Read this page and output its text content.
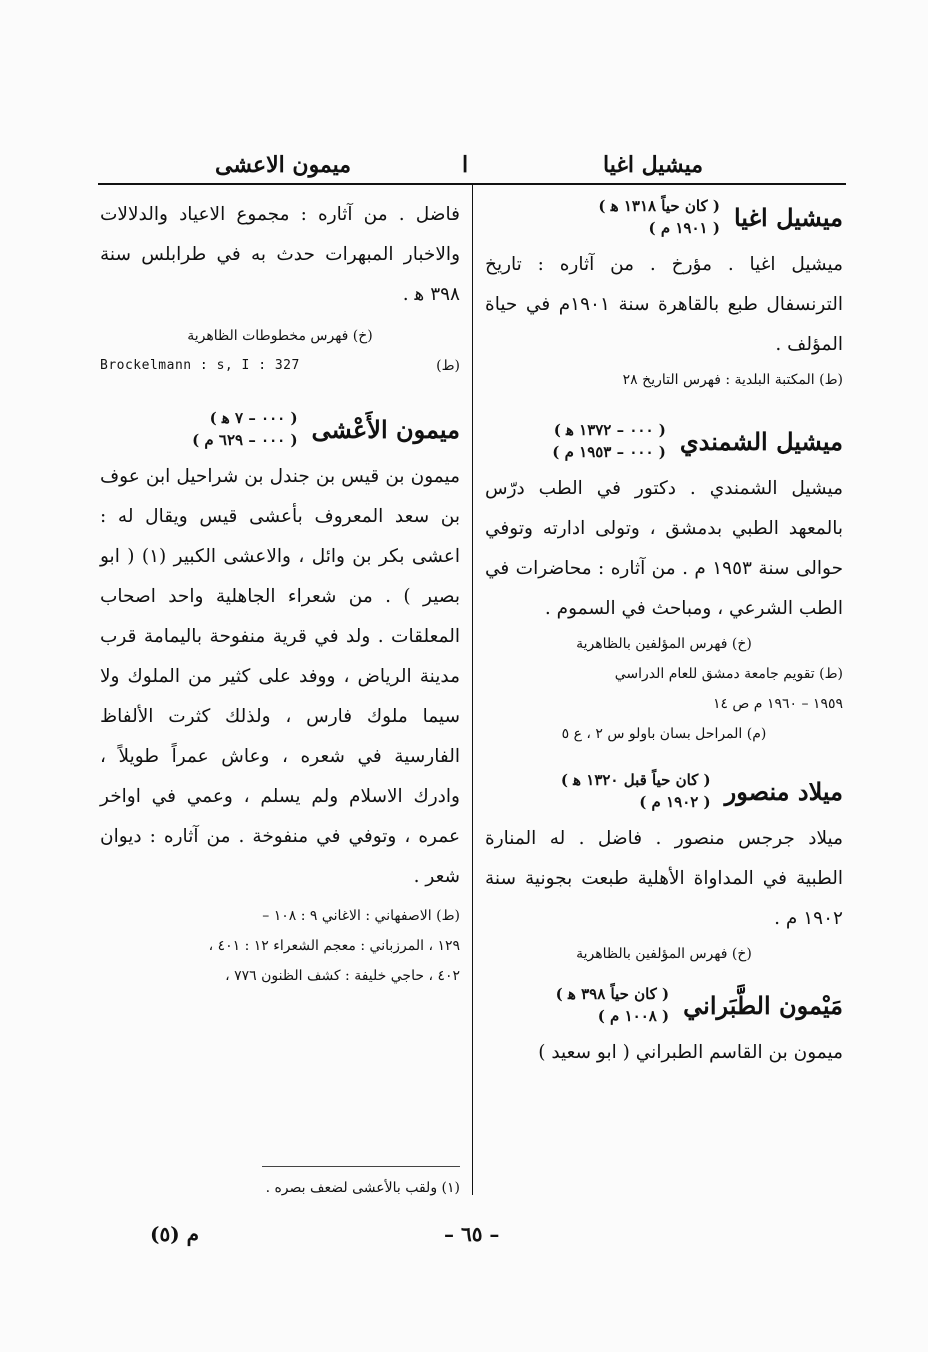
ميشيل اغيا
ا
ميمون الاعشى
ميشيل اغيا
( كان حياً ١٣١٨ ﻫ )
( ١٩٠١ م )
ميشيل اغيا . مؤرخ . من آثاره : تاريخ الترنسفال طبع بالقاهرة سنة ١٩٠١م في حياة المؤلف .
(ط) المكتبة البلدية : فهرس التاريخ ٢٨
ميشيل الشمندي
( ٠٠٠ – ١٣٧٢ ﻫ )
( ٠٠٠ – ١٩٥٣ م )
ميشيل الشمندي . دكتور في الطب درّس بالمعهد الطبي بدمشق ، وتولى ادارته وتوفي حوالى سنة ١٩٥٣ م . من آثاره : محاضرات في الطب الشرعي ، ومباحث في السموم .
(خ) فهرس المؤلفين بالظاهرية
(ط) تقويم جامعة دمشق للعام الدراسي
١٩٥٩ – ١٩٦٠ م ص ١٤
(م) المراحل بسان باولو س ٢ ، ع ٥
ميلاد منصور
( كان حياً قبل ١٣٢٠ ﻫ )
( ١٩٠٢ م )
ميلاد جرجس منصور . فاضل . له المنارة الطبية في المداواة الأهلية طبعت بجونية سنة ١٩٠٢ م .
(خ) فهرس المؤلفين بالظاهرية
مَيْمون الطَّبَراني
( كان حياً ٣٩٨ ﻫ )
( ١٠٠٨ م )
ميمون بن القاسم الطبراني ( ابو سعيد )
فاضل . من آثاره : مجموع الاعياد والدلالات والاخبار المبهرات حدث به في طرابلس سنة ٣٩٨ ﻫ .
(خ) فهرس مخطوطات الظاهرية
(ط)
Brockelmann : s, I : 327
ميمون الأَعْشى
( ٠٠٠ – ٧ ﻫ )
( ٠٠٠ – ٦٢٩ م )
ميمون بن قيس بن جندل بن شراحيل ابن عوف بن سعد المعروف بأعشى قيس ويقال له : اعشى بكر بن وائل ، والاعشى الكبير (١) ( ابو بصير ) . من شعراء الجاهلية واحد اصحاب المعلقات . ولد في قرية منفوحة باليمامة قرب مدينة الرياض ، ووفد على كثير من الملوك ولا سيما ملوك فارس ، ولذلك كثرت الألفاظ الفارسية في شعره ، وعاش عمراً طويلاً ، وادرك الاسلام ولم يسلم ، وعمي في اواخر عمره ، وتوفي في منفوخة . من آثاره : ديوان شعر .
(ط) الاصفهاني : الاغاني ٩ : ١٠٨ –
١٢٩ ، المرزباني : معجم الشعراء ١٢ : ٤٠١ ،
٤٠٢ ، حاجي خليفة : كشف الظنون ٧٧٦ ،
(١) ولقب بالأعشى لضعف بصره .
– ٦٥ –
م (٥)
